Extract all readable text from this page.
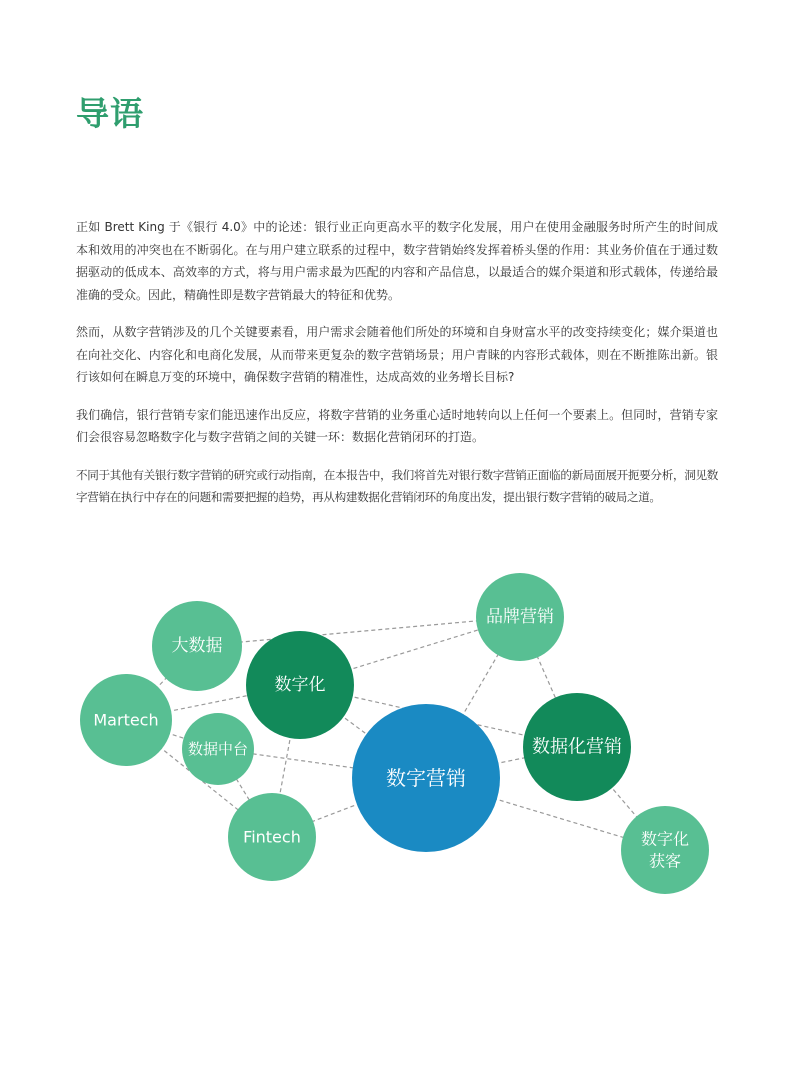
导语

正如 Brett King 于《银行 4.0》中的论述：银行业正向更高水平的数字化发展，用户在使用金融服务时所产生的时间成本和效用的冲突也在不断弱化。在与用户建立联系的过程中，数字营销始终发挥着桥头堡的作用：其业务价值在于通过数据驱动的低成本、高效率的方式，将与用户需求最为匹配的内容和产品信息，以最适合的媒介渠道和形式载体，传递给最准确的受众。因此，精确性即是数字营销最大的特征和优势。

然而，从数字营销涉及的几个关键要素看，用户需求会随着他们所处的环境和自身财富水平的改变持续变化；媒介渠道也在向社交化、内容化和电商化发展，从而带来更复杂的数字营销场景；用户青睐的内容形式载体，则在不断推陈出新。银行该如何在瞬息万变的环境中，确保数字营销的精准性，达成高效的业务增长目标?

我们确信，银行营销专家们能迅速作出反应，将数字营销的业务重心适时地转向以上任何一个要素上。但同时，营销专家们会很容易忽略数字化与数字营销之间的关键一环：数据化营销闭环的打造。

不同于其他有关银行数字营销的研究或行动指南，在本报告中，我们将首先对银行数字营销正面临的新局面展开扼要分析，洞见数字营销在执行中存在的问题和需要把握的趋势，再从构建数据化营销闭环的角度出发，提出银行数字营销的破局之道。

大数据
数字化
Martech
数据中台
Fintech
数字营销
品牌营销
数据化营销
数字化
获客
